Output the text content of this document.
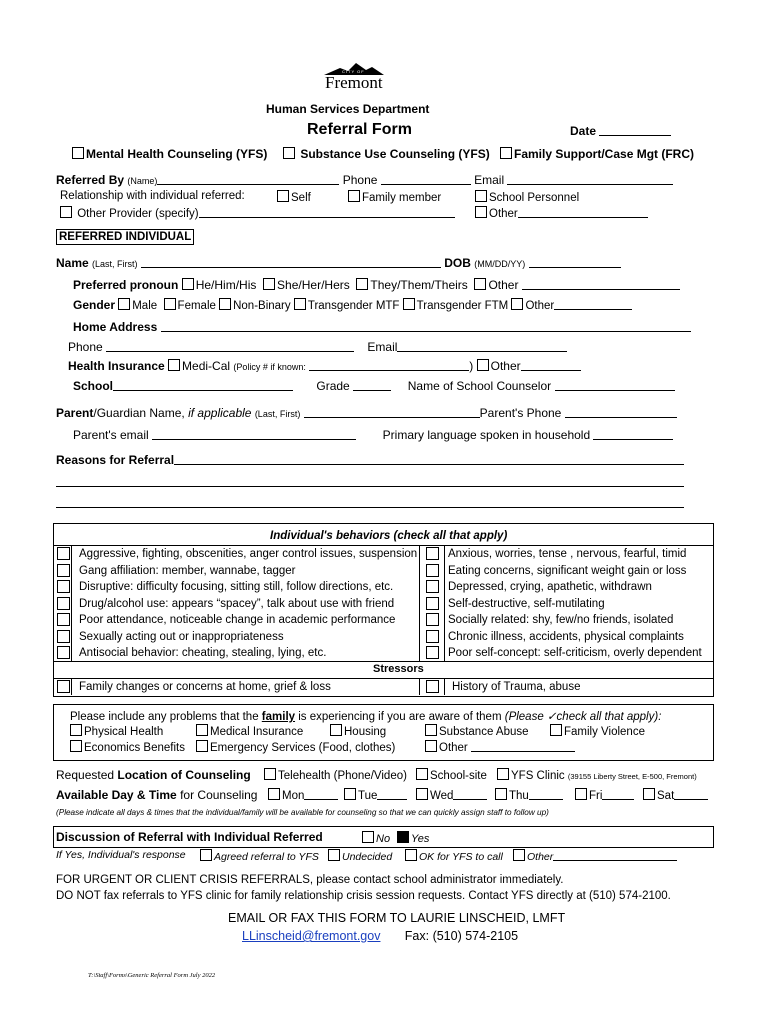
CITY OF
Fremont
Human Services Department
Referral Form	Date
Mental Health Counseling (YFS)	Substance Use Counseling (YFS)	Family Support/Case Mgt (FRC)
Referred By (Name)	Phone	Email
Relationship with individual referred:	Self	Family member	School Personnel
Other Provider (specify)	Other
REFERRED INDIVIDUAL
Name (Last, First)	DOB (MM/DD/YY)
Preferred pronoun He/Him/His She/Her/Hers They/Them/Theirs Other
Gender Male Female Non-Binary Transgender MTF Transgender FTM Other
Home Address
Phone	Email
Health Insurance Medi-Cal (Policy # if known:	) Other
School	Grade	Name of School Counselor
Parent/Guardian Name, if applicable (Last, First)	Parent's Phone
Parent's email	Primary language spoken in household
Reasons for Referral
Individual's behaviors (check all that apply)
Stressors
Aggressive, fighting, obscenities, anger control issues, suspension	Anxious, worries, tense , nervous, fearful, timid
Gang affiliation: member, wannabe, tagger	Eating concerns, significant weight gain or loss
Disruptive: difficulty focusing, sitting still, follow directions, etc.	Depressed, crying, apathetic, withdrawn
Drug/alcohol use: appears “spacey”, talk about use with friend	Self-destructive, self-mutilating
Poor attendance, noticeable change in academic performance	Socially related: shy, few/no friends, isolated
Sexually acting out or inappropriateness	Chronic illness, accidents, physical complaints
Antisocial behavior: cheating, stealing, lying, etc.	Poor self-concept: self-criticism, overly dependent
Family changes or concerns at home, grief & loss	History of Trauma, abuse
Please include any problems that the family is experiencing if you are aware of them (Please ✓check all that apply):
Physical Health	Medical Insurance	Housing	Substance Abuse	Family Violence
Economics Benefits	Emergency Services (Food, clothes)	Other
Requested Location of Counseling	Telehealth (Phone/Video)	School-site	YFS Clinic (39155 Liberty Street, E-500, Fremont)
Available Day & Time for Counseling	Mon	Tue	Wed	Thu	Fri	Sat
(Please indicate all days & times that the individual/family will be available for counseling so that we can quickly assign staff to follow up)
Discussion of Referral with Individual Referred	No	Yes
If Yes, Individual's response	Agreed referral to YFS	Undecided	OK for YFS to call	Other
FOR URGENT OR CLIENT CRISIS REFERRALS, please contact school administrator immediately.
DO NOT fax referrals to YFS clinic for family relationship crisis session requests. Contact YFS directly at (510) 574-2100.
EMAIL OR FAX THIS FORM TO LAURIE LINSCHEID, LMFT
LLinscheid@fremont.gov Fax: (510) 574-2105
T:\Staff\Forms\Generic Referral Form July 2022
